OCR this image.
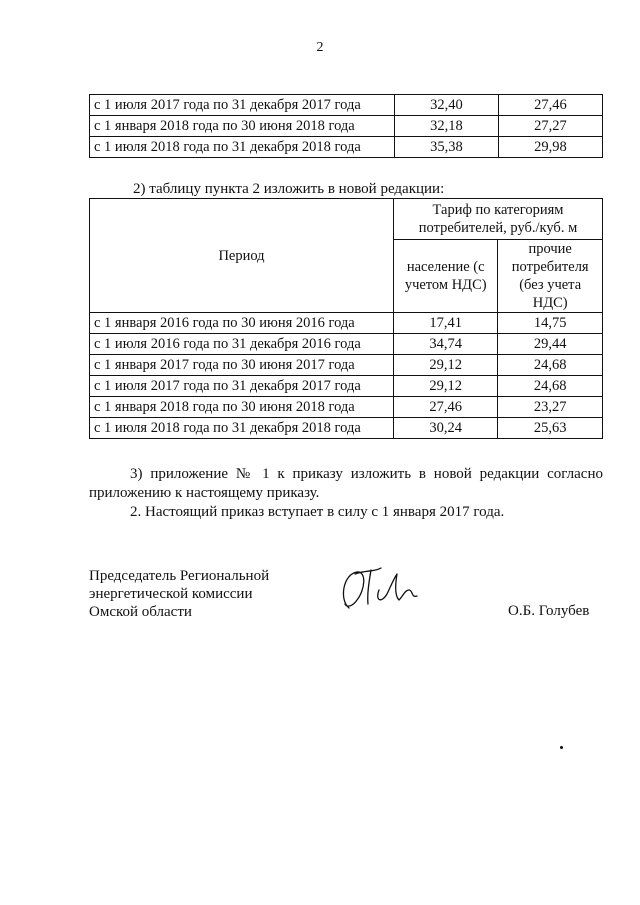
2
с 1 июля 2017 года по 31 декабря 2017 года	32,40	27,46
с 1 января 2018 года по 30 июня 2018 года	32,18	27,27
с 1 июля 2018 года по 31 декабря 2018 года	35,38	29,98
2) таблицу пункта 2 изложить в новой редакции:
Период	Тариф по категориям потребителей, руб./куб. м	
	население (с учетом НДС)	прочие потребителя (без учета НДС)
с 1 января 2016 года по 30 июня 2016 года	17,41	14,75
с 1 июля 2016 года по 31 декабря 2016 года	34,74	29,44
с 1 января 2017 года по 30 июня 2017 года	29,12	24,68
с 1 июля 2017 года по 31 декабря 2017 года	29,12	24,68
с 1 января 2018 года по 30 июня 2018 года	27,46	23,27
с 1 июля 2018 года по 31 декабря 2018 года	30,24	25,63
3) приложение № 1 к приказу изложить в новой редакции согласно приложению к настоящему приказу.
2. Настоящий приказ вступает в силу с 1 января 2017 года.
Председатель Региональной
энергетической комиссии
Омской области	О.Б. Голубев
